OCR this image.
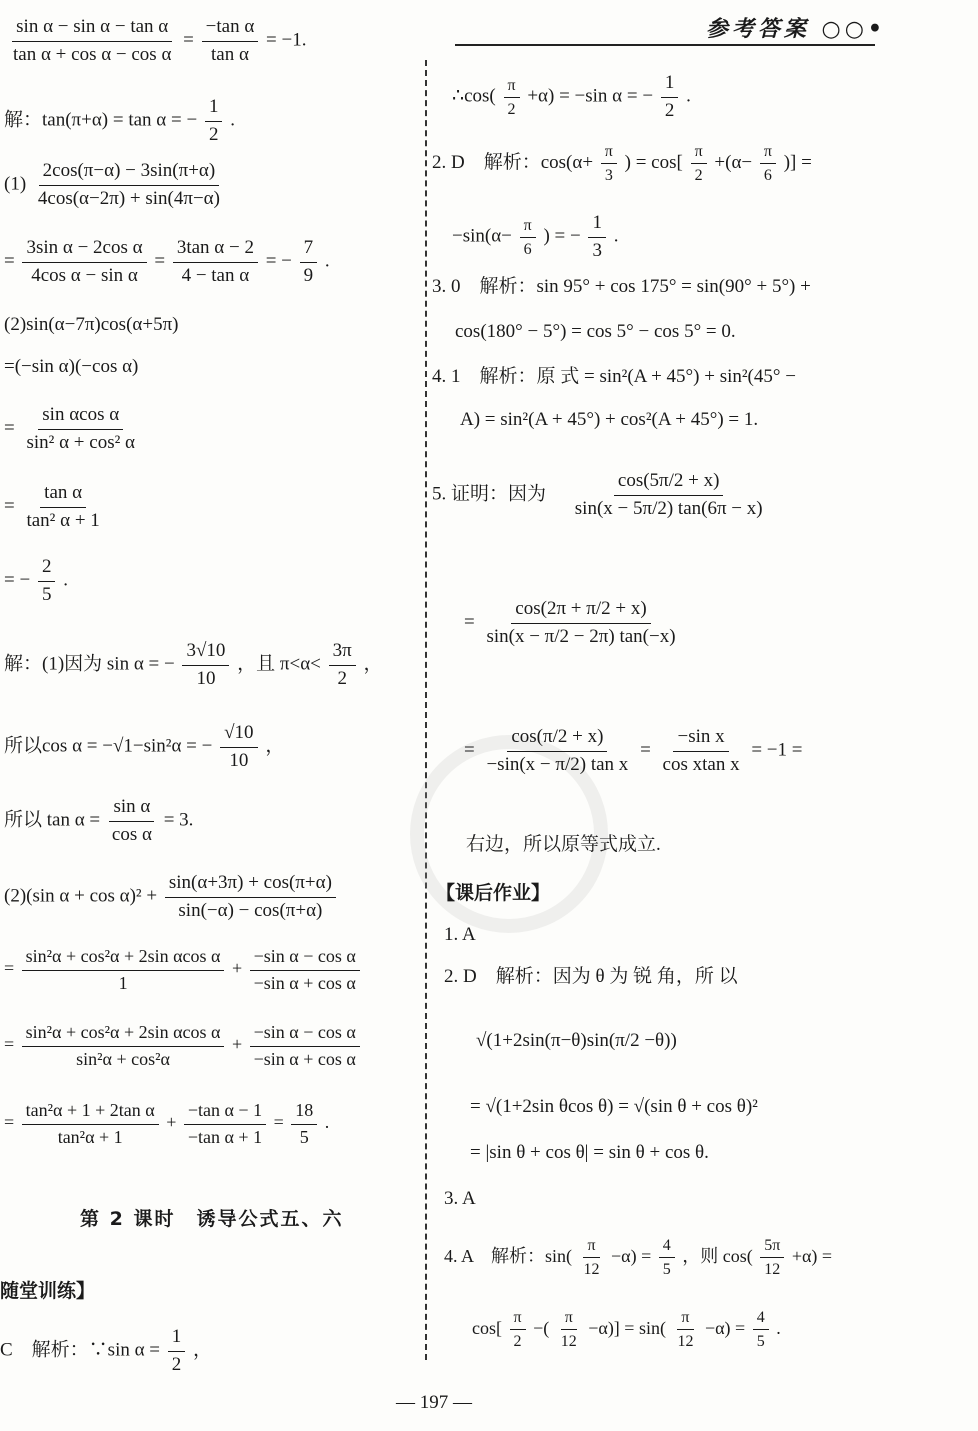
参考答案 ○○•
$\frac{\text{sin α − sin α − tan α}}{\text{tan α + cos α − cos α}} = \frac{\text{−tan α}}{\text{tan α}} = -1$.
解：tan(π+α) = tan α = − $\frac{1}{2}$ .
$(1) \frac{2\cos(\pi-\alpha) - 3\sin(\pi+\alpha)}{4\cos(\alpha-2\pi) + \sin(4\pi-\alpha)}$
= $\frac{\text{3sin α − 2cos α}}{\text{4cos α − sin α}} = \frac{\text{3tan α − 2}}{\text{4 − tan α}}$ = − $\frac{7}{9}$ .
(2)sin(α−7π)cos(α+5π)
=(−sin α)(−cos α)
= $\frac{\text{sin αcos α}}{\text{sin² α + cos² α}}$
= $\frac{\text{tan α}}{\text{tan² α + 1}}$
= − $\frac{2}{5}$ .
解：(1)因为 sin α = − $\frac{3√10}{10}$ ，且 $\pi<\alpha< \frac{3\pi}{2}$ ，
所以cos α = −√1−sin²α = − $\frac{√10}{10}$ ，
所以 $\tan \alpha = \frac{\text{sin α}}{\text{cos α}} = 3$.
(2)(sin $\alpha + \cos \alpha)^2 + \frac{\sin(\alpha+3\pi) + \cos(\pi+\alpha)}{\sin(-\alpha) - \cos(\pi+\alpha)}$
= $\frac{\text{sin²α + cos²α + 2sin αcos α}}{1} + \frac{\text{−sin α − cos α}}{\text{−sin α + cos α}}$
= $\frac{\text{sin²α + cos²α + 2sin αcos α}}{\text{sin²α + cos²α}} + \frac{\text{−sin α − cos α}}{\text{−sin α + cos α}}$
= $\frac{\text{tan²α + 1 + 2tan α}}{\text{tan²α + 1}} + \frac{\text{−tan α − 1}}{\text{−tan α + 1}} = \frac{18}{5}$ .
第 2 课时　诱导公式五、六
随堂训练】
C　解析：∵sin $\alpha = \frac{1}{2}$ ，
∴cos( $\frac{\pi}{2} +\alpha) = -\sin$ α = − $\frac{1}{2}$ .
2. D　解析：$\cos(\alpha+ \frac{\pi}{3}$ ) = $\cos[ \frac{\pi}{2} +(\alpha- \frac{\pi}{6}$ )] =
$-\sin(\alpha- \frac{\pi}{6}$ ) = − $\frac{1}{3}$ .
3. 0　解析：sin 95° + cos 175° = sin(90° + 5°) +
cos(180° − 5°) = cos 5° − cos 5° = 0.
4. 1　解析：原 式 = sin²(A + 45°) + sin²(45° −
A) = sin²(A + 45°) + cos²(A + 45°) = 1.
5. 证明：因为 $\frac{\cos(5\pi/2 + x)}{\sin(x - 5\pi/2) \tan(6\pi - x)}$
= $\frac{\cos(2\pi + \pi/2 + x)}{\sin(x - \pi/2 - 2\pi) \tan(-x)}$
= $\frac{\cos(\pi/2 + x)}{\text{−sin(x − π/2) tan x}} = \frac{\text{−sin x}}{\text{cos xtan x}} = -1$ =
右边，所以原等式成立.
【课后作业】
1. A
2. D　解析：因为 θ 为 锐 角，所 以
√(1+2sin(π−θ)sin(π/2 −θ))
= √(1+2sin θcos θ) = √(sin θ + cos θ)²
= |sin θ + cos θ| = sin θ + cos θ.
3. A
4. A　解析：$\sin( \frac{\pi}{12} -\alpha) = \frac{4}{5}$ ，则 $\cos( \frac{5\pi}{12} +\alpha)$ =
$\cos[ \frac{\pi}{2}$ −( $\frac{\pi}{12} -\alpha)] = \sin( \frac{\pi}{12} -\alpha) = \frac{4}{5}$ .
— 197 —
